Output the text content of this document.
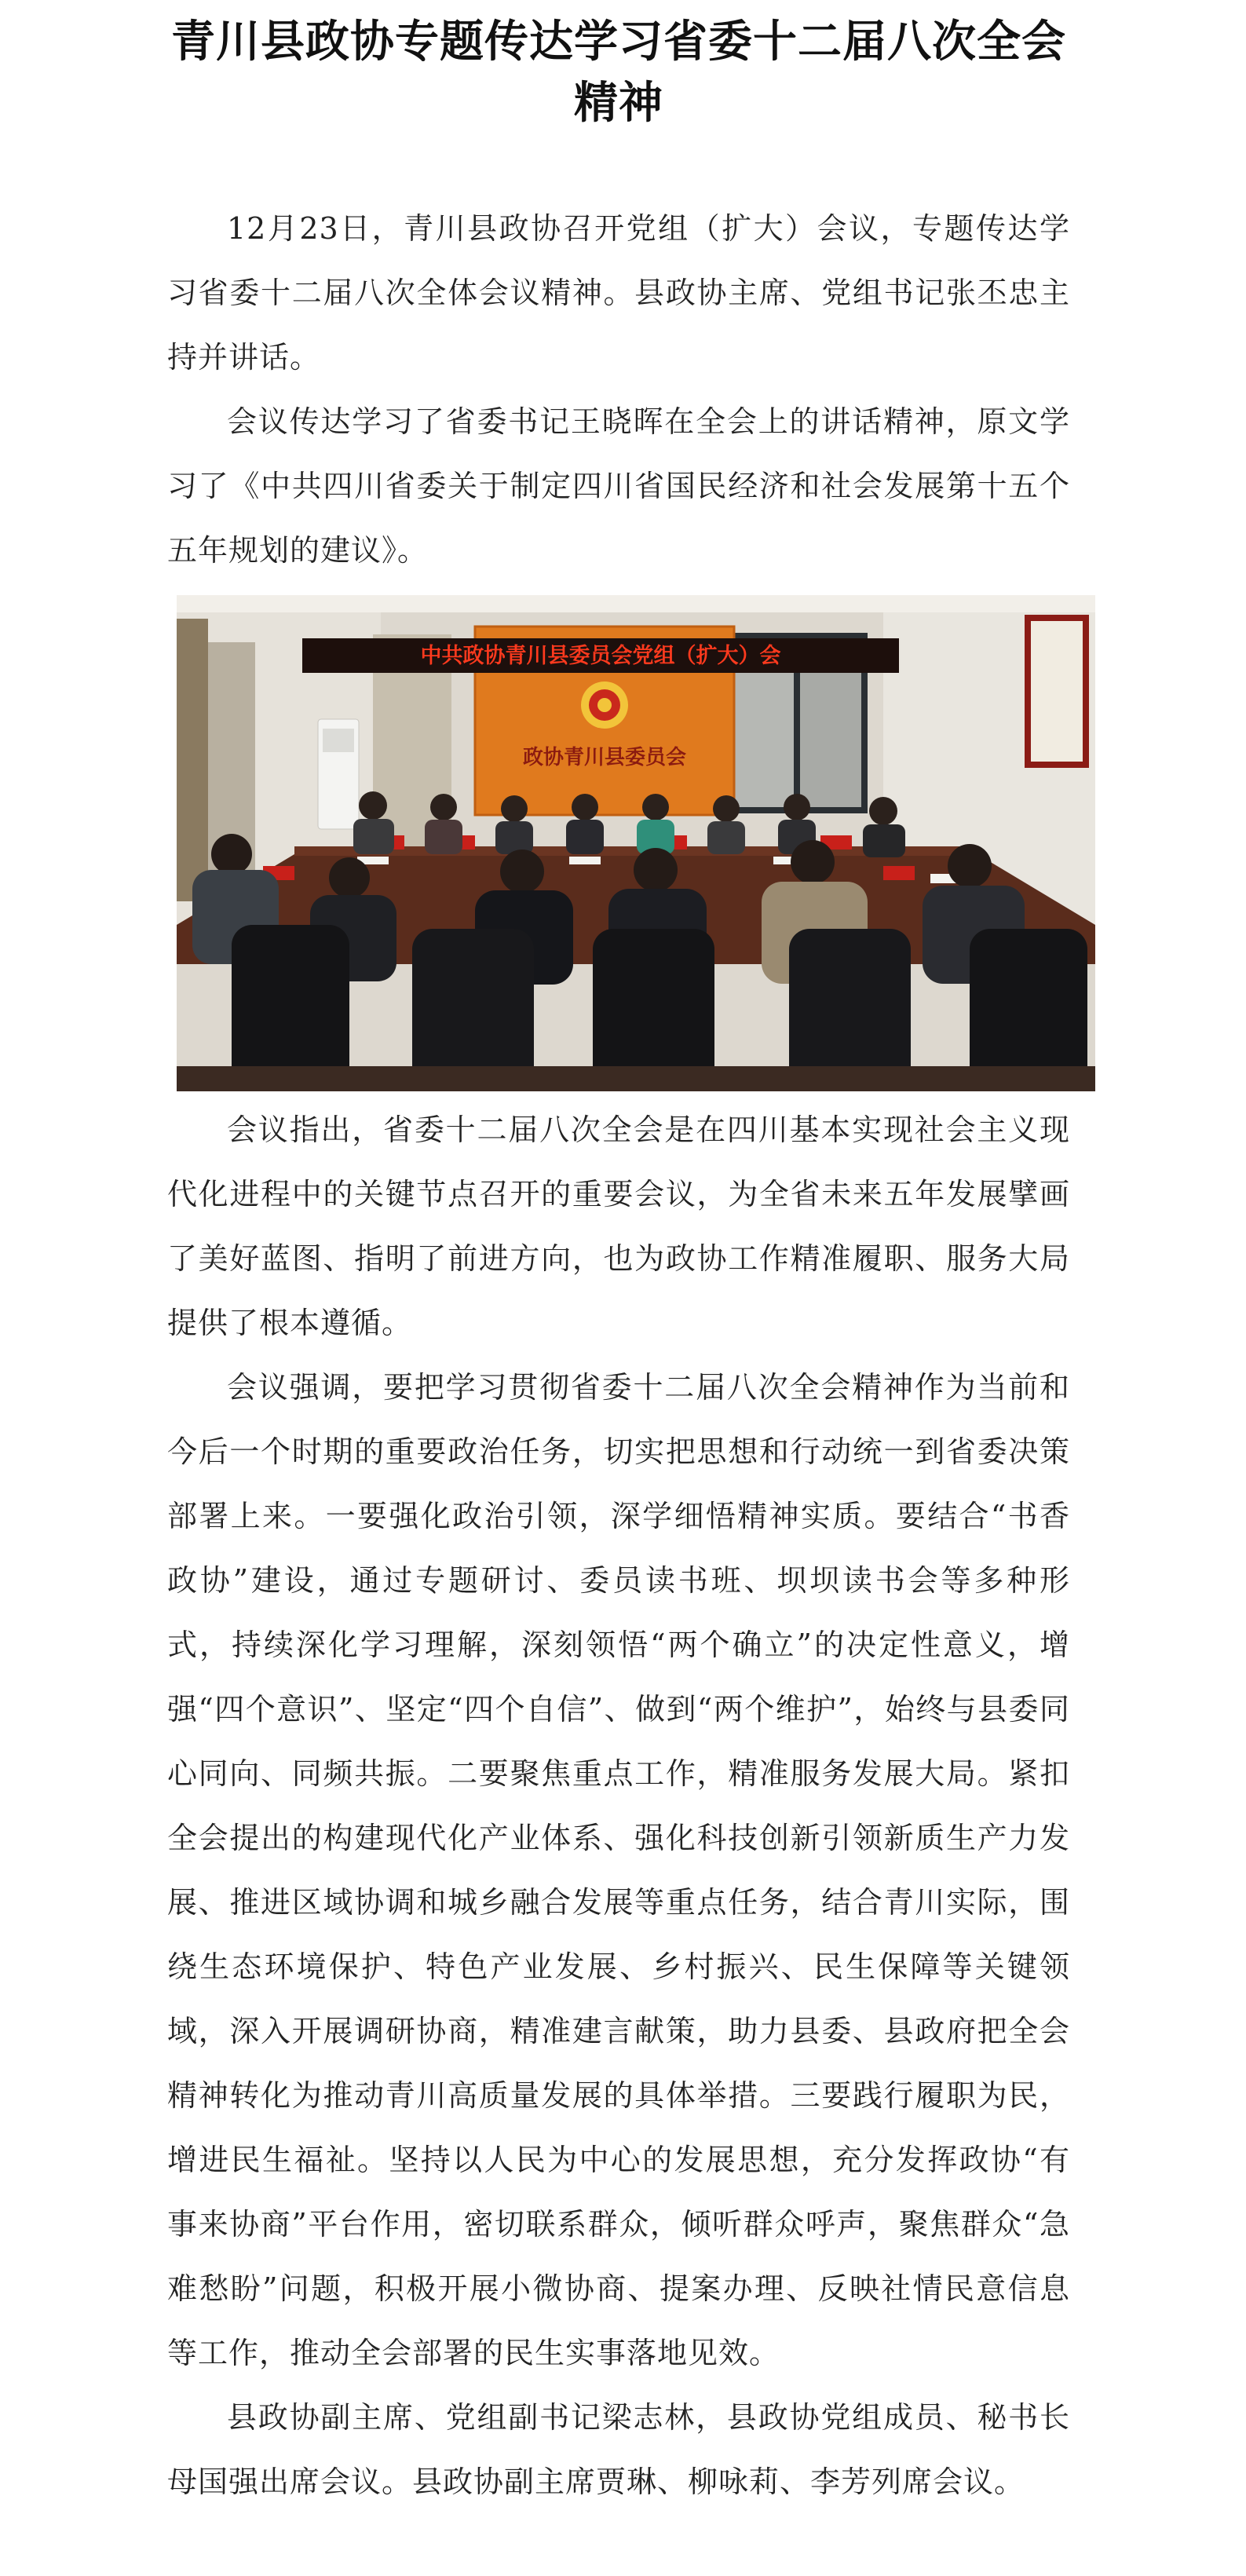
青川县政协专题传达学习省委十二届八次全会精神

12月23日，青川县政协召开党组（扩大）会议，专题传达学习省委十二届八次全体会议精神。县政协主席、党组书记张丕忠主持并讲话。

会议传达学习了省委书记王晓晖在全会上的讲话精神，原文学习了《中共四川省委关于制定四川省国民经济和社会发展第十五个五年规划的建议》。

政协青川县委员会
中共政协青川县委员会党组（扩大）会

会议指出，省委十二届八次全会是在四川基本实现社会主义现代化进程中的关键节点召开的重要会议，为全省未来五年发展擘画了美好蓝图、指明了前进方向，也为政协工作精准履职、服务大局提供了根本遵循。

会议强调，要把学习贯彻省委十二届八次全会精神作为当前和今后一个时期的重要政治任务，切实把思想和行动统一到省委决策部署上来。一要强化政治引领，深学细悟精神实质。要结合“书香政协”建设，通过专题研讨、委员读书班、坝坝读书会等多种形式，持续深化学习理解，深刻领悟“两个确立”的决定性意义，增强“四个意识”、坚定“四个自信”、做到“两个维护”，始终与县委同心同向、同频共振。二要聚焦重点工作，精准服务发展大局。紧扣全会提出的构建现代化产业体系、强化科技创新引领新质生产力发展、推进区域协调和城乡融合发展等重点任务，结合青川实际，围绕生态环境保护、特色产业发展、乡村振兴、民生保障等关键领域，深入开展调研协商，精准建言献策，助力县委、县政府把全会精神转化为推动青川高质量发展的具体举措。三要践行履职为民，增进民生福祉。坚持以人民为中心的发展思想，充分发挥政协“有事来协商”平台作用，密切联系群众，倾听群众呼声，聚焦群众“急难愁盼”问题，积极开展小微协商、提案办理、反映社情民意信息等工作，推动全会部署的民生实事落地见效。

县政协副主席、党组副书记梁志林，县政协党组成员、秘书长母国强出席会议。县政协副主席贾琳、柳咏莉、李芳列席会议。
